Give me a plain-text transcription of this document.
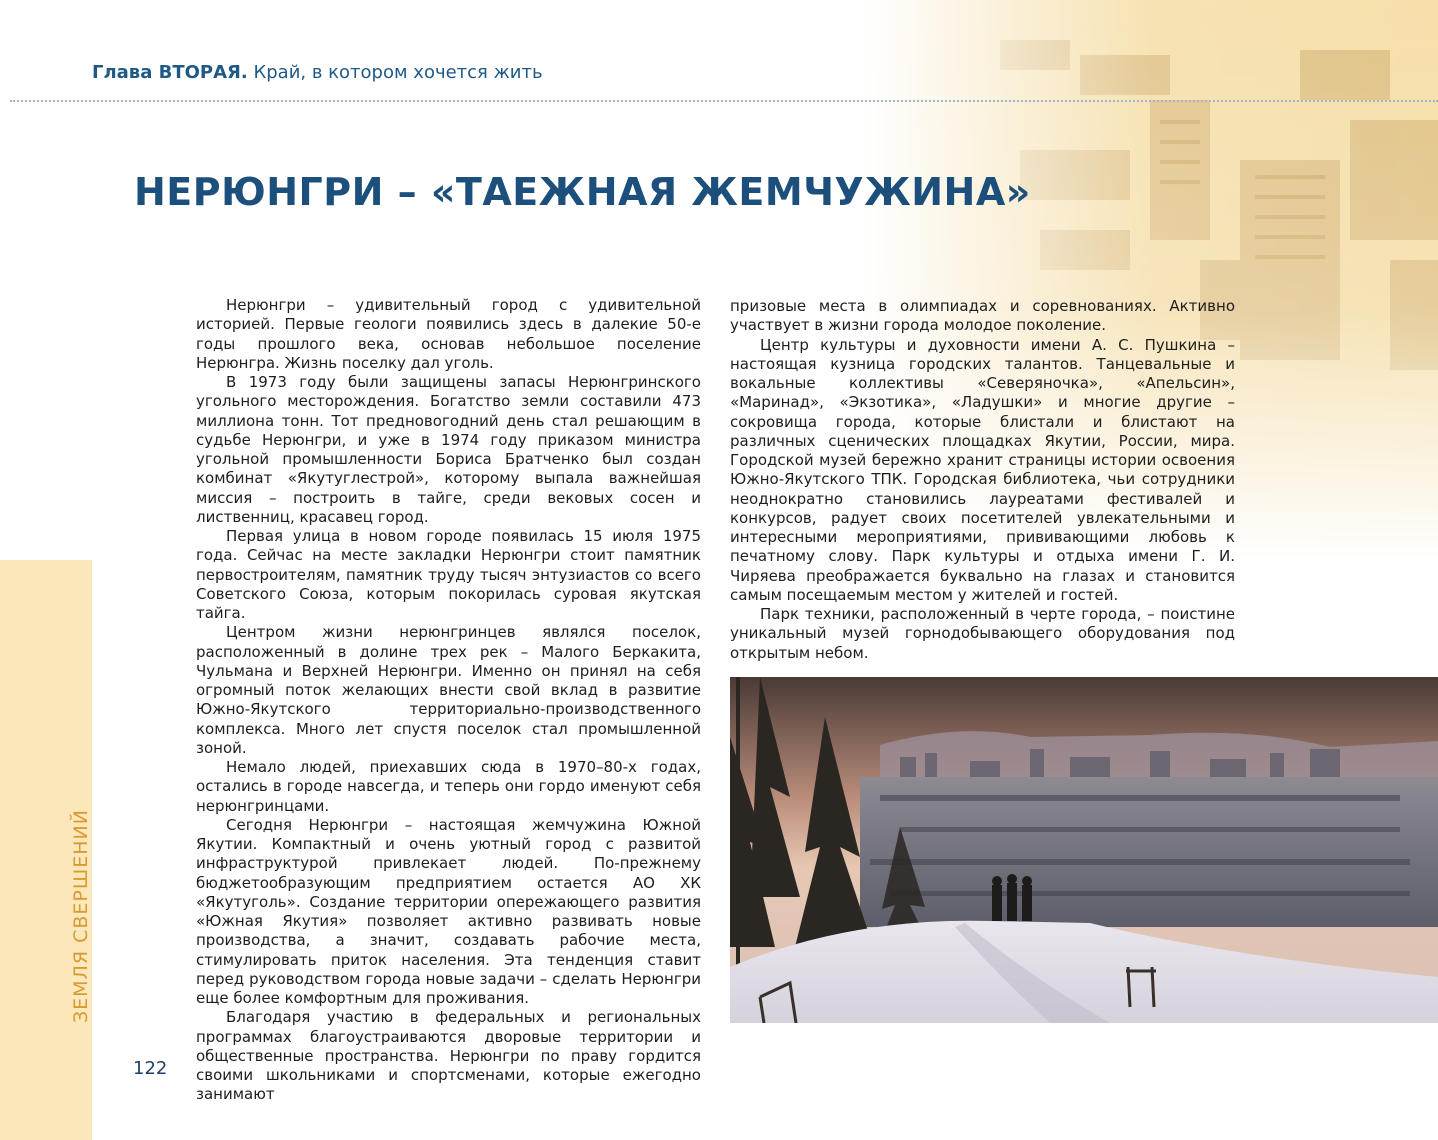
ЗЕМЛЯ СВЕРШЕНИЙ
Глава ВТОРАЯ. Край, в котором хочется жить
НЕРЮНГРИ – «ТАЕЖНАЯ ЖЕМЧУЖИНА»

Нерюнгри – удивительный город с удивительной историей. Первые геологи появились здесь в далекие 50-е годы прошлого века, основав небольшое поселение Нерюнгра. Жизнь поселку дал уголь.

В 1973 году были защищены запасы Нерюнгринского угольного месторождения. Богатство земли составили 473 миллиона тонн. Тот предновогодний день стал решающим в судьбе Нерюнгри, и уже в 1974 году приказом министра угольной промышленности Бориса Братченко был создан комбинат «Якутуглестрой», которому выпала важнейшая миссия – построить в тайге, среди вековых сосен и лиственниц, красавец город.

Первая улица в новом городе появилась 15 июля 1975 года. Сейчас на месте закладки Нерюнгри стоит памятник первостроителям, памятник труду тысяч энтузиастов со всего Советского Союза, которым покорилась суровая якутская тайга.

Центром жизни нерюнгринцев являлся поселок, расположенный в долине трех рек – Малого Беркакита, Чульмана и Верхней Нерюнгри. Именно он принял на себя огромный поток желающих внести свой вклад в развитие Южно-Якутского территориально-производственного комплекса. Много лет спустя поселок стал промышленной зоной.

Немало людей, приехавших сюда в 1970–80-х годах, остались в городе навсегда, и теперь они гордо именуют себя нерюнгринцами.

Сегодня Нерюнгри – настоящая жемчужина Южной Якутии. Компактный и очень уютный город с развитой инфраструктурой привлекает людей. По-прежнему бюджетообразующим предприятием остается АО ХК «Якутуголь». Создание территории опережающего развития «Южная Якутия» позволяет активно развивать новые производства, а значит, создавать рабочие места, стимулировать приток населения. Эта тенденция ставит перед руководством города новые задачи – сделать Нерюнгри еще более комфортным для проживания.

Благодаря участию в федеральных и региональных программах благоустраиваются дворовые территории и общественные пространства. Нерюнгри по праву гордится своими школьниками и спортсменами, которые ежегодно занимают

призовые места в олимпиадах и соревнованиях. Активно участвует в жизни города молодое поколение.

Центр культуры и духовности имени А. С. Пушкина – настоящая кузница городских талантов. Танцевальные и вокальные коллективы «Северяночка», «Апельсин», «Маринад», «Экзотика», «Ладушки» и многие другие – сокровища города, которые блистали и блистают на различных сценических площадках Якутии, России, мира. Городской музей бережно хранит страницы истории освоения Южно-Якутского ТПК. Городская библиотека, чьи сотрудники неоднократно становились лауреатами фестивалей и конкурсов, радует своих посетителей увлекательными и интересными мероприятиями, прививающими любовь к печатному слову. Парк культуры и отдыха имени Г. И. Чиряева преображается буквально на глазах и становится самым посещаемым местом у жителей и гостей.

Парк техники, расположенный в черте города, – поистине уникальный музей горнодобывающего оборудования под открытым небом.

122
